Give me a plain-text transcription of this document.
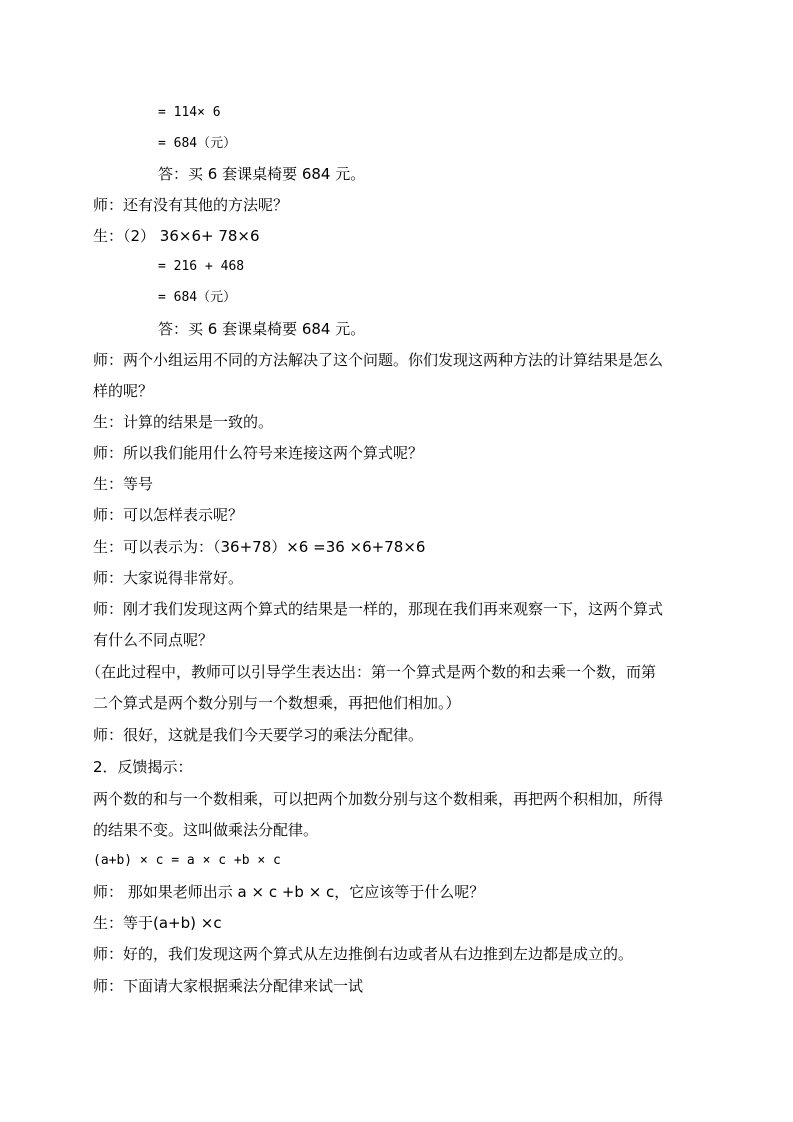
= 114× 6
= 684（元）
答：买 6 套课桌椅要 684 元。
师：还有没有其他的方法呢？
生：（2） 36×6+ 78×6
= 216 + 468
= 684（元）
答：买 6 套课桌椅要 684 元。
师：两个小组运用不同的方法解决了这个问题。你们发现这两种方法的计算结果是怎么
样的呢？
生：计算的结果是一致的。
师：所以我们能用什么符号来连接这两个算式呢？
生：等号
师：可以怎样表示呢？
生：可以表示为：（36+78）×6 =36 ×6+78×6
师：大家说得非常好。
师：刚才我们发现这两个算式的结果是一样的，那现在我们再来观察一下，这两个算式
有什么不同点呢？
（在此过程中，教师可以引导学生表达出：第一个算式是两个数的和去乘一个数，而第
二个算式是两个数分别与一个数想乘，再把他们相加。）
师：很好，这就是我们今天要学习的乘法分配律。
2．反馈揭示：
两个数的和与一个数相乘，可以把两个加数分别与这个数相乘，再把两个积相加，所得
的结果不变。这叫做乘法分配律。
(a+b) × c = a × c +b × c
师： 那如果老师出示 a × c +b × c，它应该等于什么呢？
生：等于(a+b) ×c
师：好的，我们发现这两个算式从左边推倒右边或者从右边推到左边都是成立的。
师：下面请大家根据乘法分配律来试一试
